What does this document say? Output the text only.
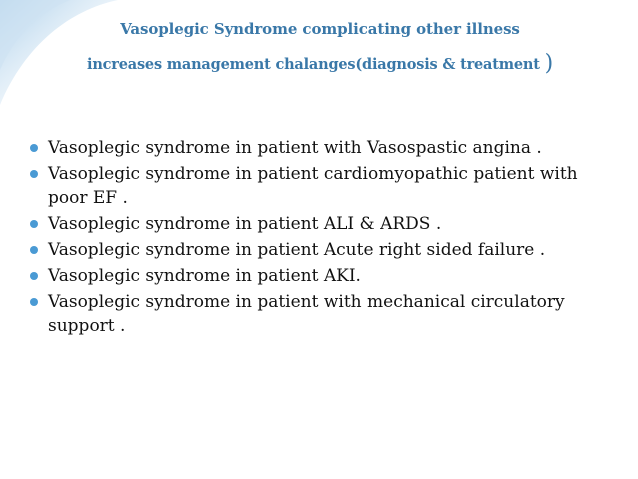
Vasoplegic Syndrome complicating other illness
increases management chalanges(diagnosis & treatment )
Vasoplegic syndrome in patient with Vasospastic angina .
Vasoplegic syndrome in patient cardiomyopathic patient with poor EF .
Vasoplegic syndrome in patient ALI & ARDS .
Vasoplegic syndrome in patient Acute right sided failure .
Vasoplegic syndrome in patient AKI.
Vasoplegic syndrome in patient with mechanical circulatory support .
